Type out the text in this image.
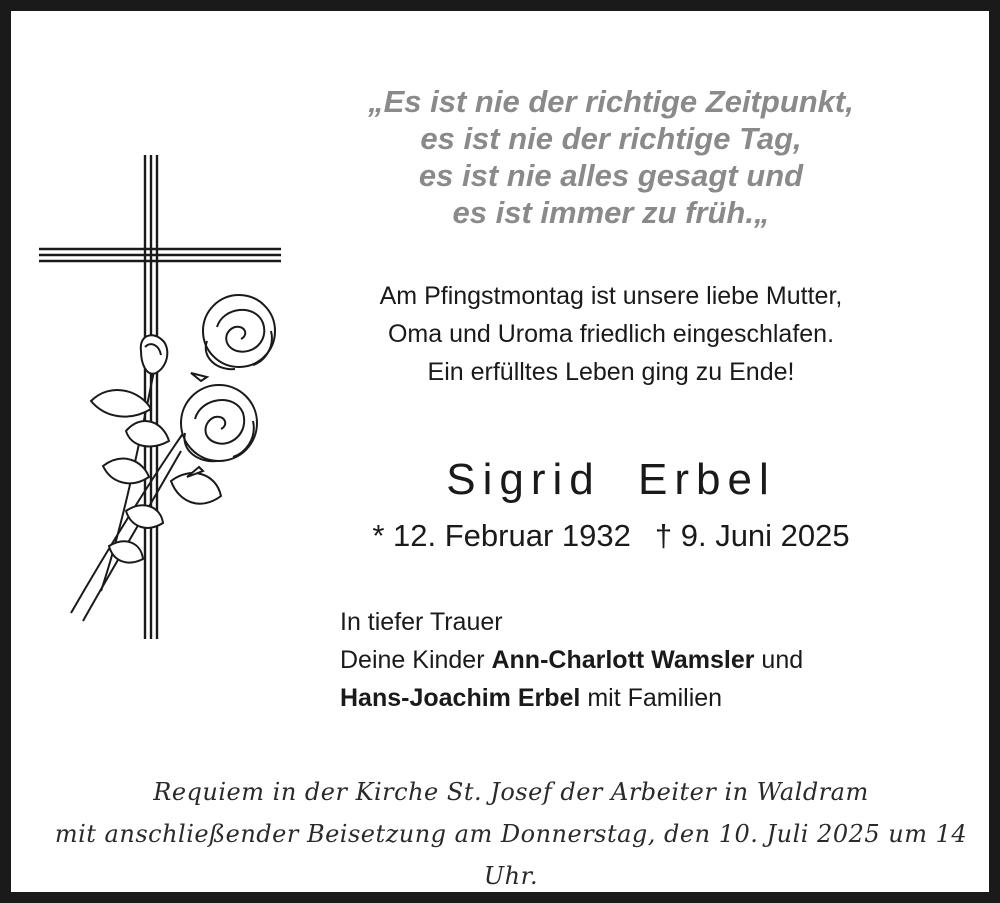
„Es ist nie der richtige Zeitpunkt,
es ist nie der richtige Tag,
es ist nie alles gesagt und
es ist immer zu früh.„
Am Pfingstmontag ist unsere liebe Mutter,
Oma und Uroma friedlich eingeschlafen.
Ein erfülltes Leben ging zu Ende!
Sigrid Erbel
* 12. Februar 1932 † 9. Juni 2025
In tiefer Trauer
Deine Kinder Ann-Charlott Wamsler und
Hans-Joachim Erbel mit Familien
Requiem in der Kirche St. Josef der Arbeiter in Waldram
mit anschließender Beisetzung am Donnerstag, den 10. Juli 2025 um 14 Uhr.
